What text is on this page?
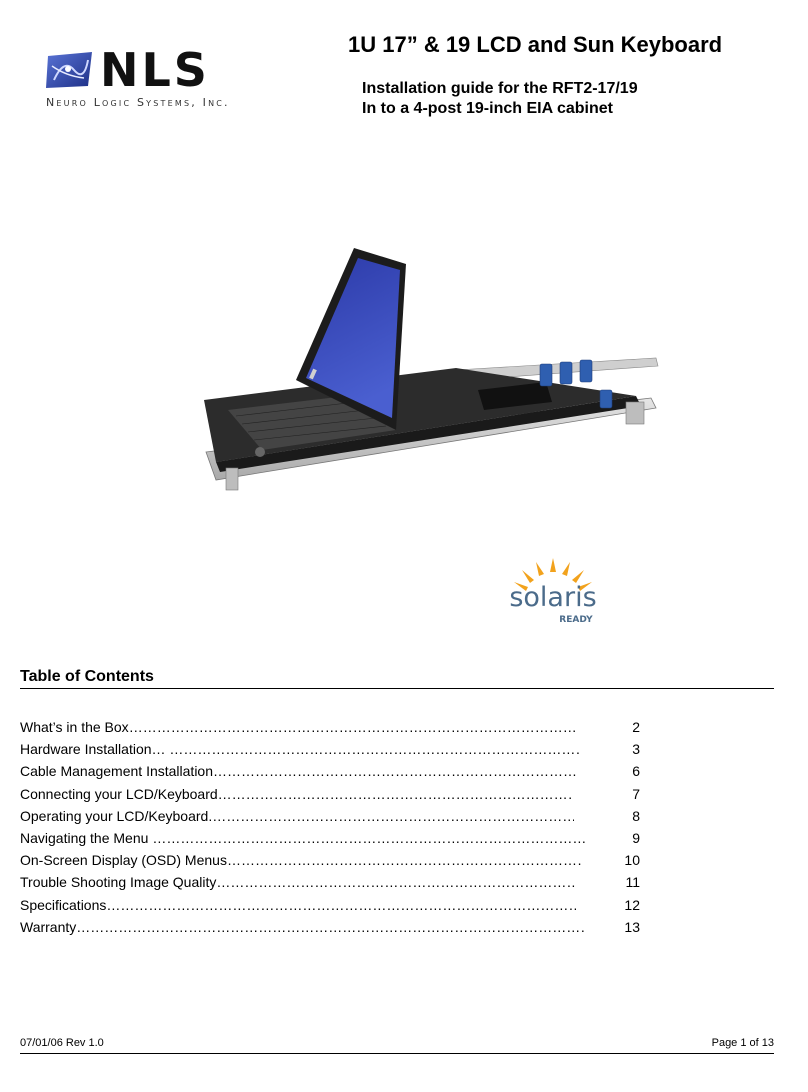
NLS
Neuro Logic Systems, Inc.
1U 17” & 19 LCD and Sun Keyboard
Installation guide for the RFT2-17/19
In to a 4-post 19-inch EIA cabinet
solaris
READY
Table of Contents
What’s in the Box ……………………………………………………………………………………………………………………………………………………………………………………………	2
Hardware Installation… ……………………………………………………………………………………………………………………………………………………………………………………………	3
Cable Management Installation ……………………………………………………………………………………………………………………………………………………………………………………………	6
Connecting your LCD/Keyboard ……………………………………………………………………………………………………………………………………………………………………………………………	7
Operating your LCD/Keyboard. ……………………………………………………………………………………………………………………………………………………………………………………………	8
Navigating the Menu ……………………………………………………………………………………………………………………………………………………………………………………………	9
On-Screen Display (OSD) Menus ……………………………………………………………………………………………………………………………………………………………………………………………	10
Trouble Shooting Image Quality ……………………………………………………………………………………………………………………………………………………………………………………………	11
Specifications ……………………………………………………………………………………………………………………………………………………………………………………………	12
Warranty ……………………………………………………………………………………………………………………………………………………………………………………………	13
07/01/06 Rev 1.0	Page 1 of 13
